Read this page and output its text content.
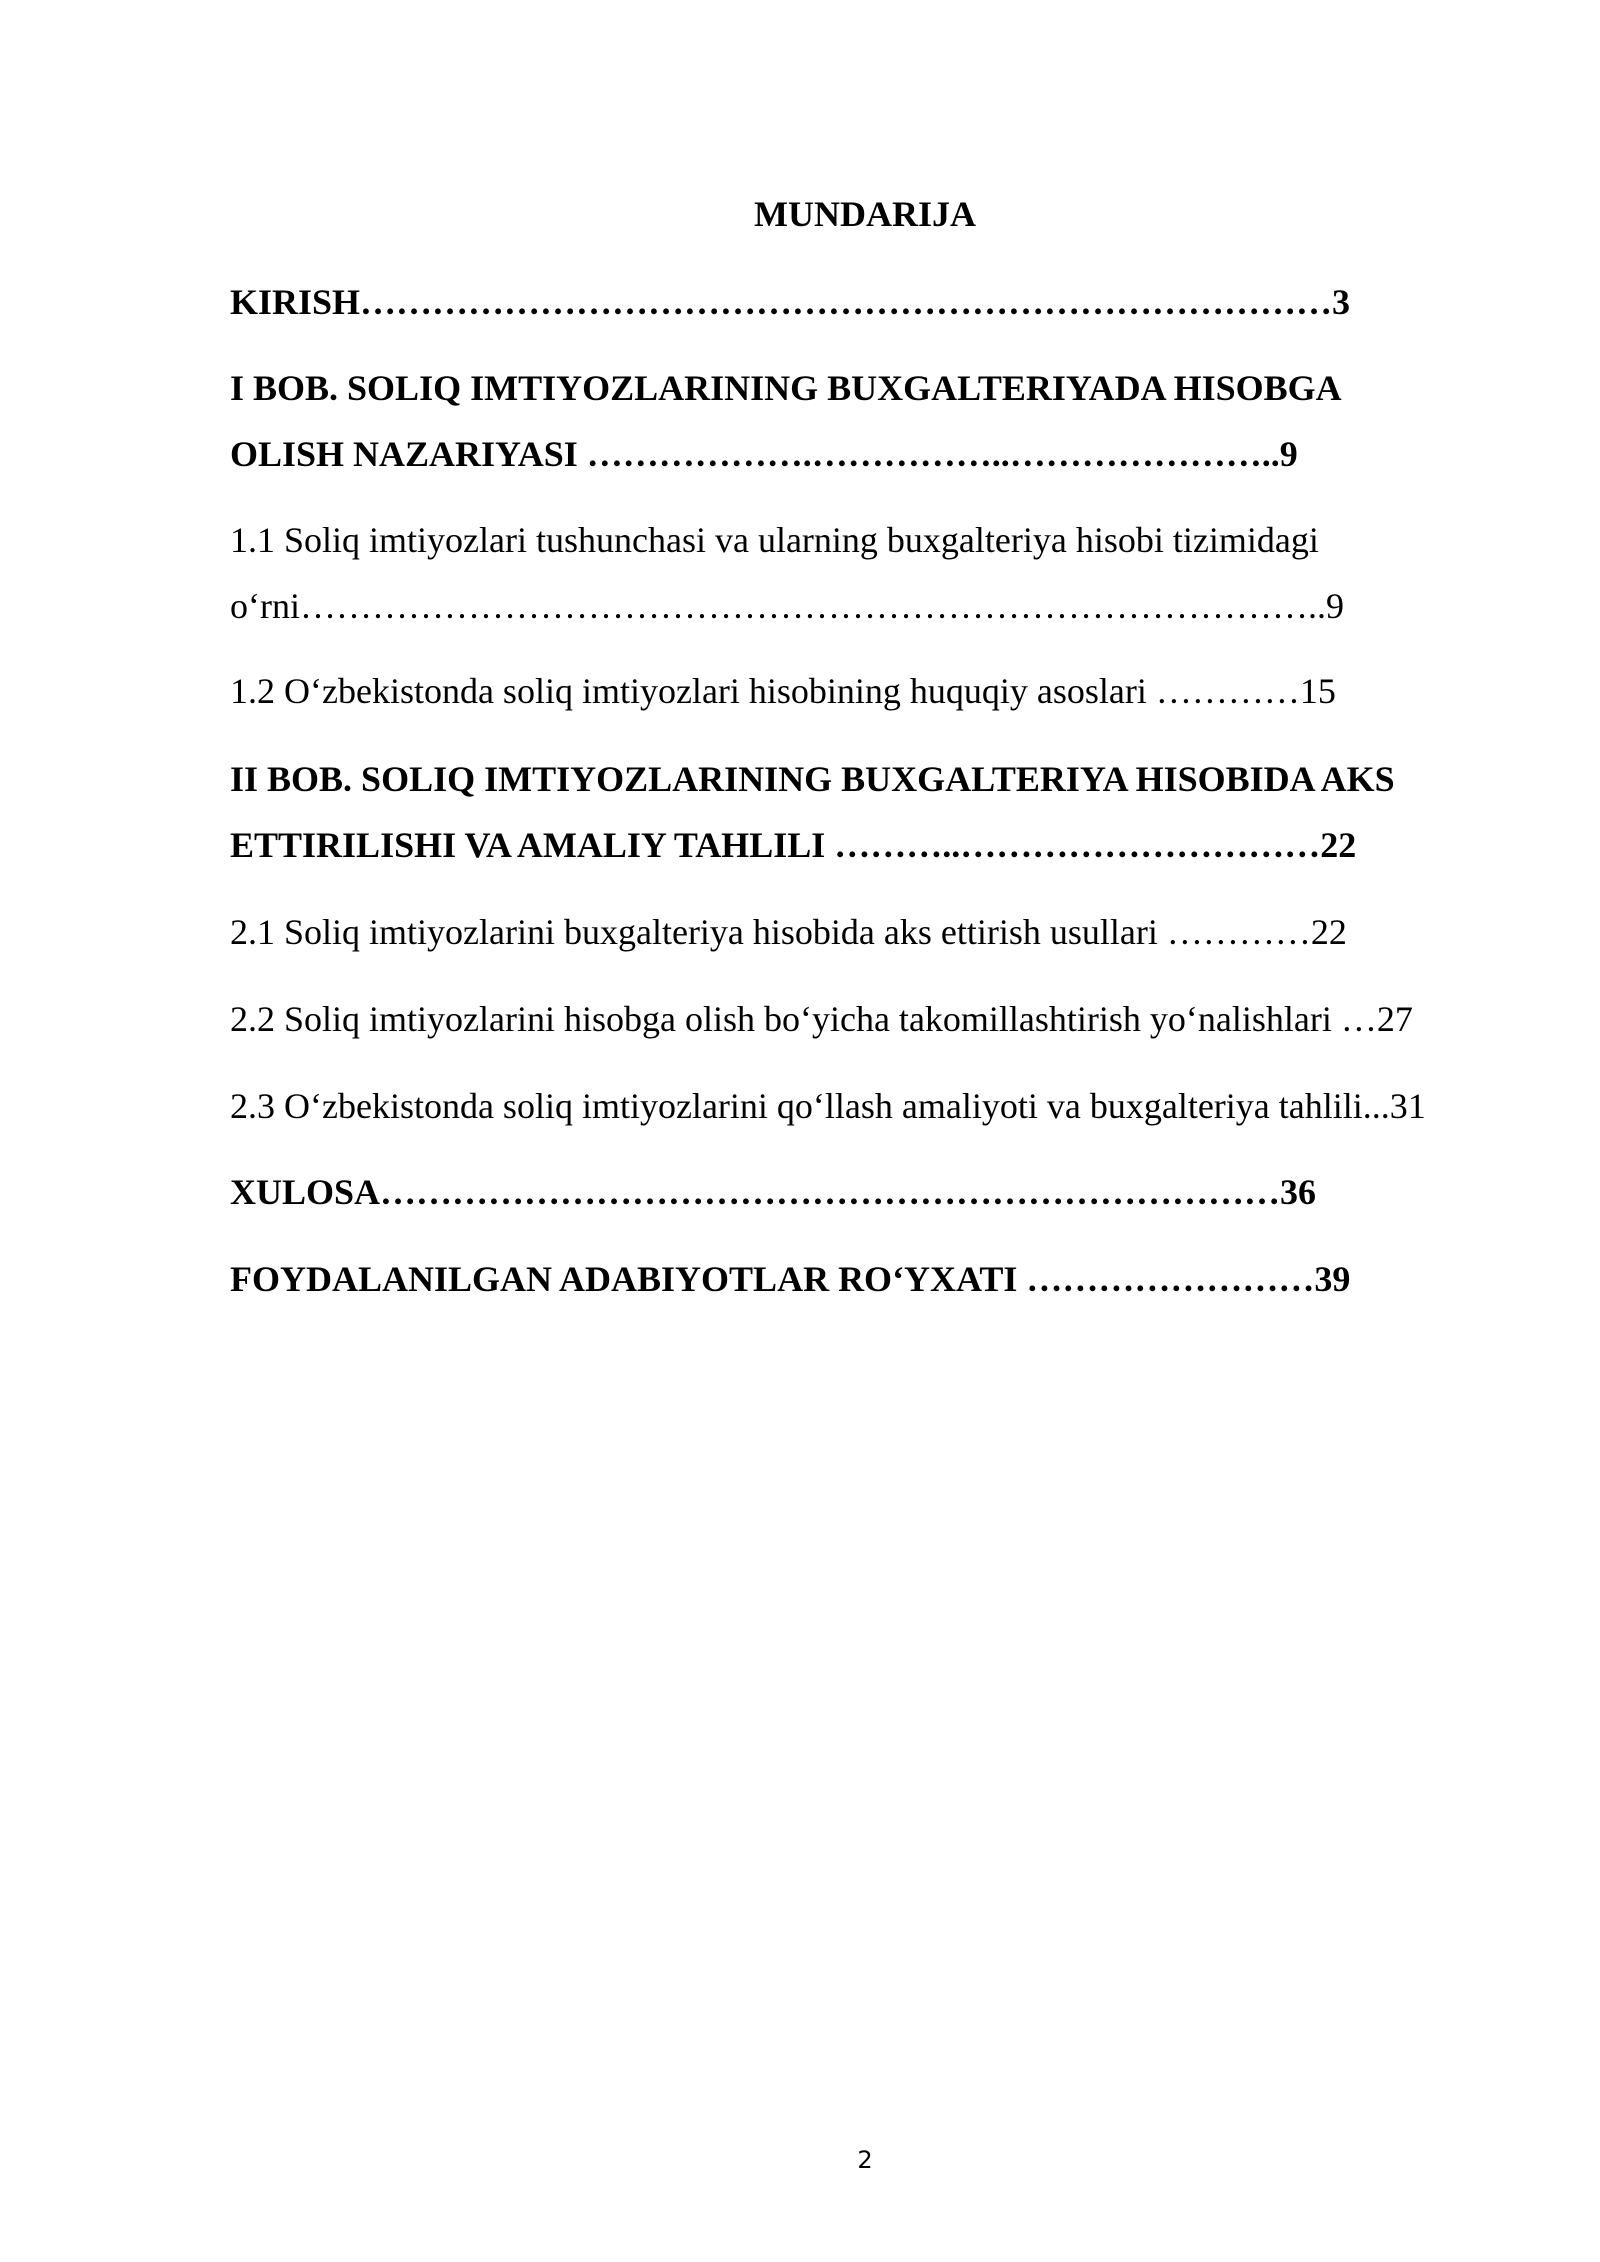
MUNDARIJA
KIRISH………………………………………………………………………3
I BOB. SOLIQ IMTIYOZLARINING BUXGALTERIYADA HISOBGA
OLISH NAZARIYASI ……………….……………..…………………..9
1.1 Soliq imtiyozlari tushunchasi va ularning buxgalteriya hisobi tizimidagi
o‘rni…………………………………………………………………………..9
1.2 O‘zbekistonda soliq imtiyozlari hisobining huquqiy asoslari …………15
II BOB. SOLIQ IMTIYOZLARINING BUXGALTERIYA HISOBIDA AKS
ETTIRILISHI VA AMALIY TAHLILI ………..…………………………22
2.1 Soliq imtiyozlarini buxgalteriya hisobida aks ettirish usullari …………22
2.2 Soliq imtiyozlarini hisobga olish bo‘yicha takomillashtirish yo‘nalishlari …27
2.3 O‘zbekistonda soliq imtiyozlarini qo‘llash amaliyoti va buxgalteriya tahlili...31
XULOSA…………………………………………………………………36
FOYDALANILGAN ADABIYOTLAR RO‘YXATI ……………………39
2
